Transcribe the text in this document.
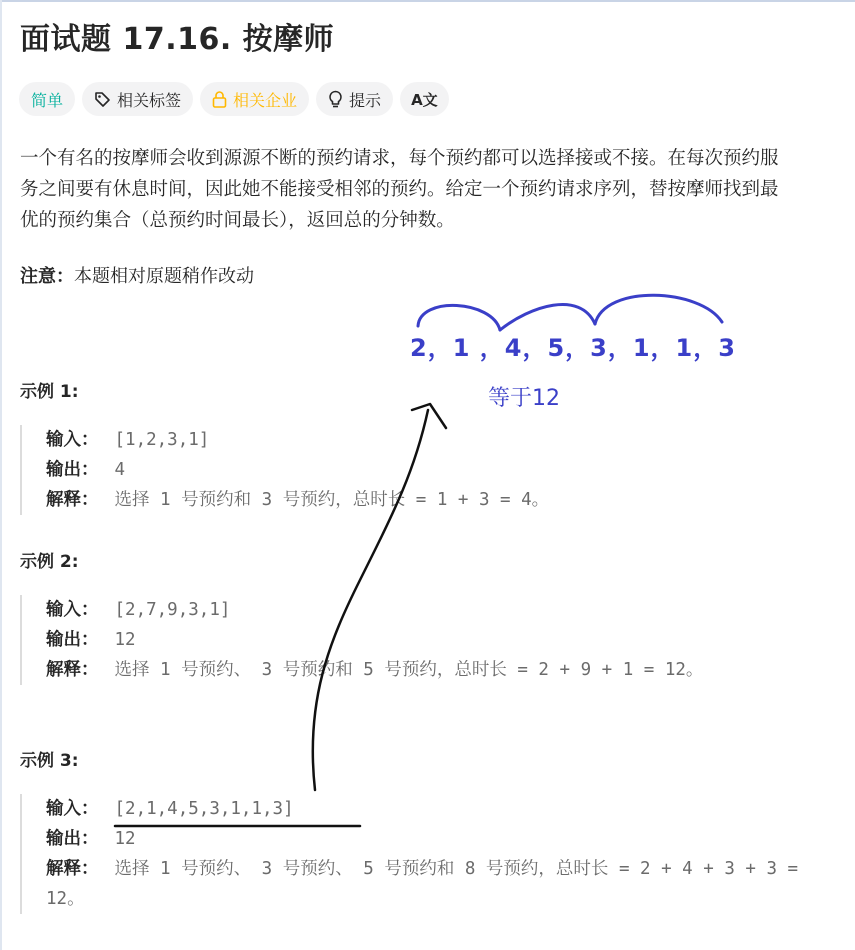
面试题 17.16. 按摩师
简单	相关标签	相关企业	提示 A文
一个有名的按摩师会收到源源不断的预约请求，每个预约都可以选择接或不接。在每次预约服务之间要有休息时间，因此她不能接受相邻的预约。给定一个预约请求序列，替按摩师找到最优的预约集合（总预约时间最长），返回总的分钟数。
注意：本题相对原题稍作改动
示例 1:
输入： [1,2,3,1]
输出： 4
解释： 选择 1 号预约和 3 号预约，总时长 = 1 + 3 = 4。
示例 2:
输入： [2,7,9,3,1]
输出： 12
解释： 选择 1 号预约、 3 号预约和 5 号预约，总时长 = 2 + 9 + 1 = 12。
示例 3:
输入： [2,1,4,5,3,1,1,3]
输出： 12
解释： 选择 1 号预约、 3 号预约、 5 号预约和 8 号预约，总时长 = 2 + 4 + 3 + 3 = 12。
2，1 ，4，5，3，1，1，3
等于12
